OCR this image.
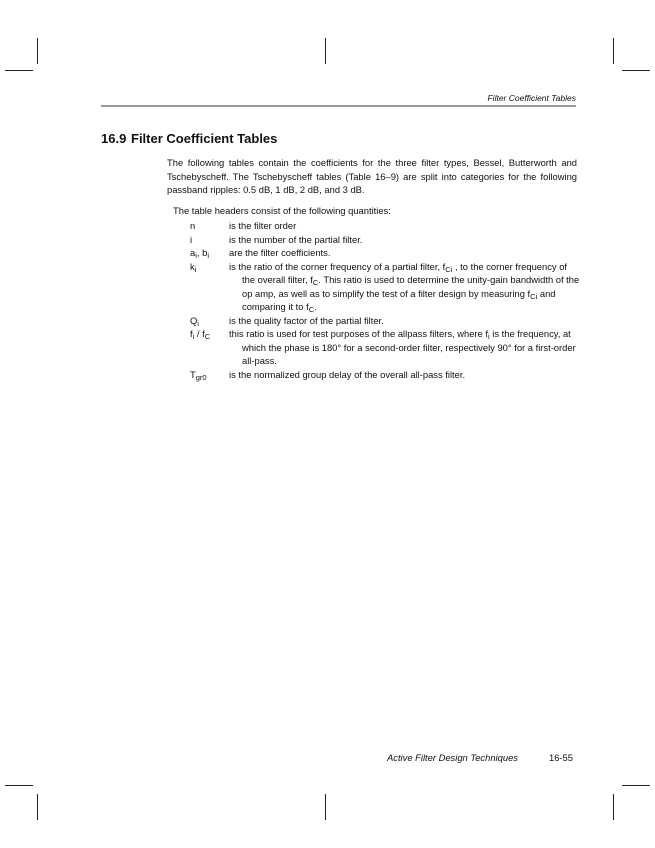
Filter Coefficient Tables
16.9 Filter Coefficient Tables
The following tables contain the coefficients for the three filter types, Bessel, Butterworth and Tschebyscheff. The Tschebyscheff tables (Table 16–9) are split into categories for the following passband ripples: 0.5 dB, 1 dB, 2 dB, and 3 dB.
The table headers consist of the following quantities:
n	is the filter order
i	is the number of the partial filter.
$a_i$, $b_i$	are the filter coefficients.
$k_i$	is the ratio of the corner frequency of a partial filter, $f_{Ci}$ , to the corner frequency of the overall filter, $f_C$. This ratio is used to determine the unity-gain bandwidth of the op amp, as well as to simplify the test of a filter design by measuring $f_{Ci}$ and comparing it to $f_C$.
$Q_i$	is the quality factor of the partial filter.
$f_i / f_C$	this ratio is used for test purposes of the allpass filters, where $f_i$ is the frequency, at which the phase is 180° for a second-order filter, respectively 90° for a first-order all-pass.
$T_{gr0}$	is the normalized group delay of the overall all-pass filter.
Active Filter Design Techniques	16-55
